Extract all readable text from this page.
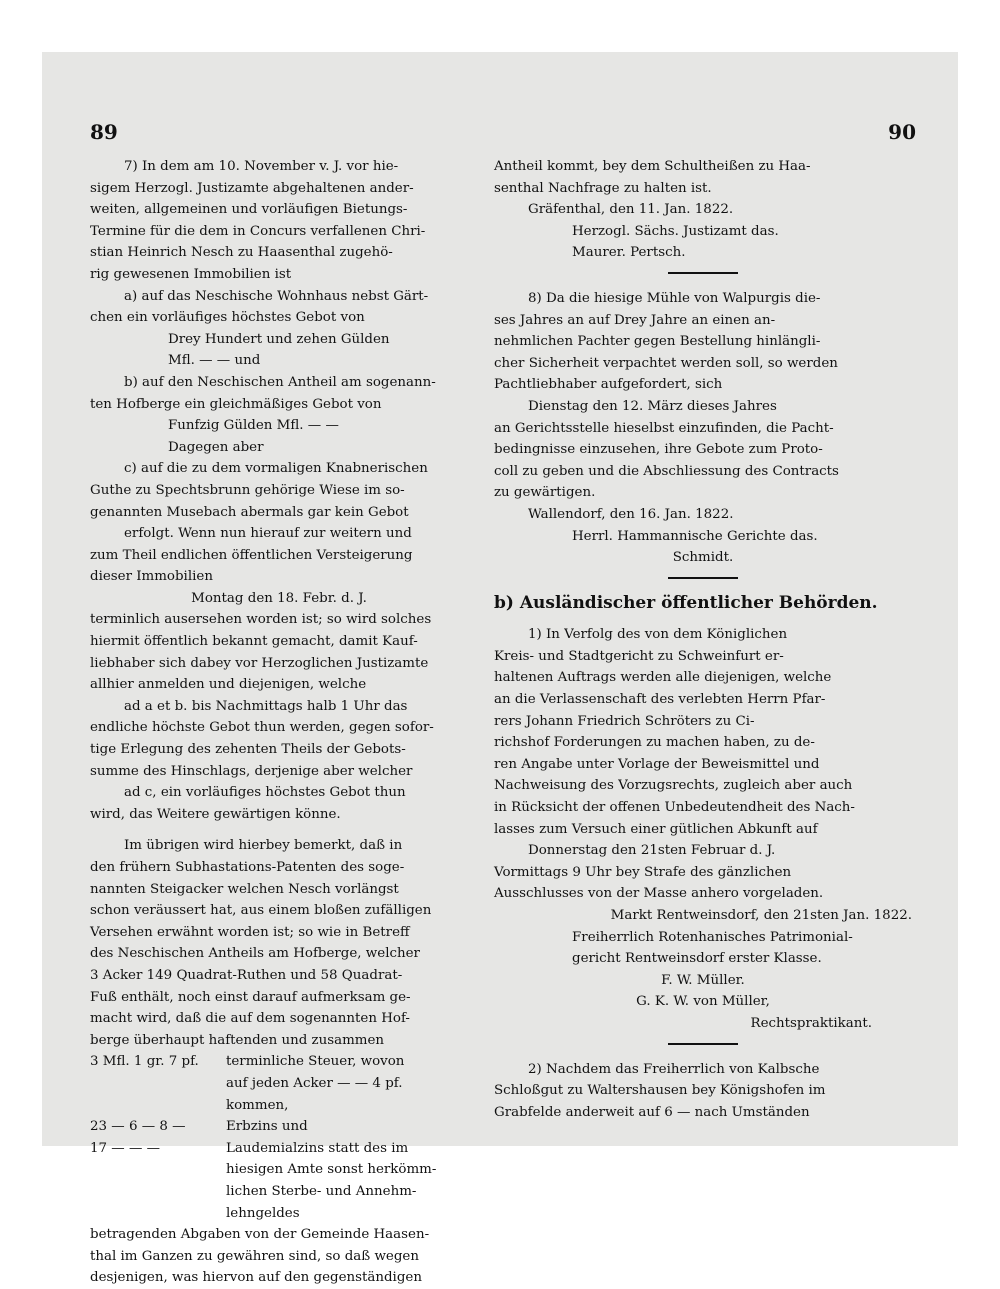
89	90
7) In dem am 10. November v. J. vor hie-
sigem Herzogl. Justizamte abgehaltenen ander-
weiten, allgemeinen und vorläufigen Bietungs-
Termine für die dem in Concurs verfallenen Chri-
stian Heinrich Nesch zu Haasenthal zugehö-
rig gewesenen Immobilien ist
a) auf das Neschische Wohnhaus nebst Gärt-
chen ein vorläufiges höchstes Gebot von
Drey Hundert und zehen Gülden
Mfl. — — und
b) auf den Neschischen Antheil am sogenann-
ten Hofberge ein gleichmäßiges Gebot von
Funfzig Gülden Mfl. — —
Dagegen aber
c) auf die zu dem vormaligen Knabnerischen
Guthe zu Spechtsbrunn gehörige Wiese im so-
genannten Musebach abermals gar kein Gebot
erfolgt. Wenn nun hierauf zur weitern und
zum Theil endlichen öffentlichen Versteigerung
dieser Immobilien
Montag den 18. Febr. d. J.
terminlich ausersehen worden ist; so wird solches
hiermit öffentlich bekannt gemacht, damit Kauf-
liebhaber sich dabey vor Herzoglichen Justizamte
allhier anmelden und diejenigen, welche
ad a et b. bis Nachmittags halb 1 Uhr das
endliche höchste Gebot thun werden, gegen sofor-
tige Erlegung des zehenten Theils der Gebots-
summe des Hinschlags, derjenige aber welcher
ad c, ein vorläufiges höchstes Gebot thun
wird, das Weitere gewärtigen könne.
Im übrigen wird hierbey bemerkt, daß in
den frühern Subhastations-Patenten des soge-
nannten Steigacker welchen Nesch vorlängst
schon veräussert hat, aus einem bloßen zufälligen
Versehen erwähnt worden ist; so wie in Betreff
des Neschischen Antheils am Hofberge, welcher
3 Acker 149 Quadrat-Ruthen und 58 Quadrat-
Fuß enthält, noch einst darauf aufmerksam ge-
macht wird, daß die auf dem sogenannten Hof-
berge überhaupt haftenden und zusammen
3 Mfl. 1 gr. 7 pf.	terminliche Steuer, wovon
auf jeden Acker — — 4 pf.
kommen,
23 — 6 — 8 —	Erbzins und
17 — — —	Laudemialzins statt des im
hiesigen Amte sonst herkömm-
lichen Sterbe- und Annehm-
lehngeldes
betragenden Abgaben von der Gemeinde Haasen-
thal im Ganzen zu gewähren sind, so daß wegen
desjenigen, was hiervon auf den gegenständigen
Antheil kommt, bey dem Schultheißen zu Haa-
senthal Nachfrage zu halten ist.
Gräfenthal, den 11. Jan. 1822.
Herzogl. Sächs. Justizamt das.
Maurer. Pertsch.
8) Da die hiesige Mühle von Walpurgis die-
ses Jahres an auf Drey Jahre an einen an-
nehmlichen Pachter gegen Bestellung hinlängli-
cher Sicherheit verpachtet werden soll, so werden
Pachtliebhaber aufgefordert, sich
Dienstag den 12. März dieses Jahres
an Gerichtsstelle hieselbst einzufinden, die Pacht-
bedingnisse einzusehen, ihre Gebote zum Proto-
coll zu geben und die Abschliessung des Contracts
zu gewärtigen.
Wallendorf, den 16. Jan. 1822.
Herrl. Hammannische Gerichte das.
Schmidt.
b) Ausländischer öffentlicher Behörden.
1) In Verfolg des von dem Königlichen
Kreis- und Stadtgericht zu Schweinfurt er-
haltenen Auftrags werden alle diejenigen, welche
an die Verlassenschaft des verlebten Herrn Pfar-
rers Johann Friedrich Schröters zu Ci-
richshof Forderungen zu machen haben, zu de-
ren Angabe unter Vorlage der Beweismittel und
Nachweisung des Vorzugsrechts, zugleich aber auch
in Rücksicht der offenen Unbedeutendheit des Nach-
lasses zum Versuch einer gütlichen Abkunft auf
Donnerstag den 21sten Februar d. J.
Vormittags 9 Uhr bey Strafe des gänzlichen
Ausschlusses von der Masse anhero vorgeladen.
Markt Rentweinsdorf, den 21sten Jan. 1822.
Freiherrlich Rotenhanisches Patrimonial-
gericht Rentweinsdorf erster Klasse.
F. W. Müller.
G. K. W. von Müller,
Rechtspraktikant.
2) Nachdem das Freiherrlich von Kalbsche
Schloßgut zu Waltershausen bey Königshofen im
Grabfelde anderweit auf 6 — nach Umständen
